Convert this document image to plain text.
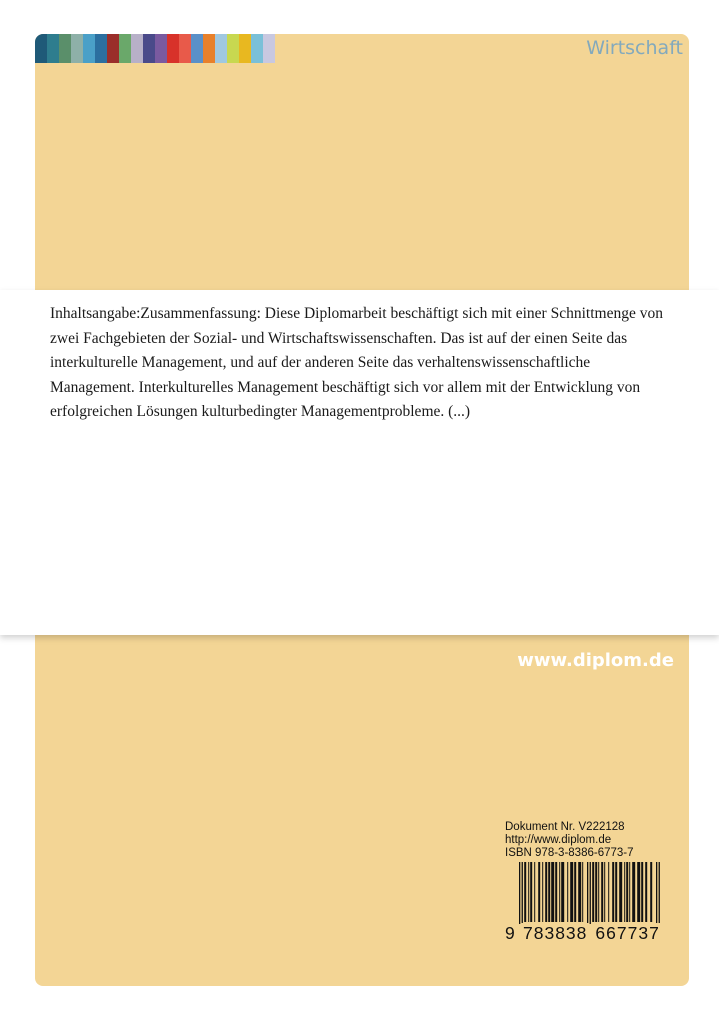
Wirtschaft
www.diplom.de
Dokument Nr. V222128
http://www.diplom.de
ISBN 978-3-8386-6773-7
9 783838 667737

Inhaltsangabe:Zusammenfassung: Diese Diplomarbeit beschäftigt sich mit einer Schnittmenge von zwei Fachgebieten der Sozial- und Wirtschaftswissenschaften. Das ist auf der einen Seite das interkulturelle Management, und auf der anderen Seite das verhaltenswissenschaftliche Management. Interkulturelles Management beschäftigt sich vor allem mit der Entwicklung von erfolgreichen Lösungen kulturbedingter Managementprobleme. (...)
